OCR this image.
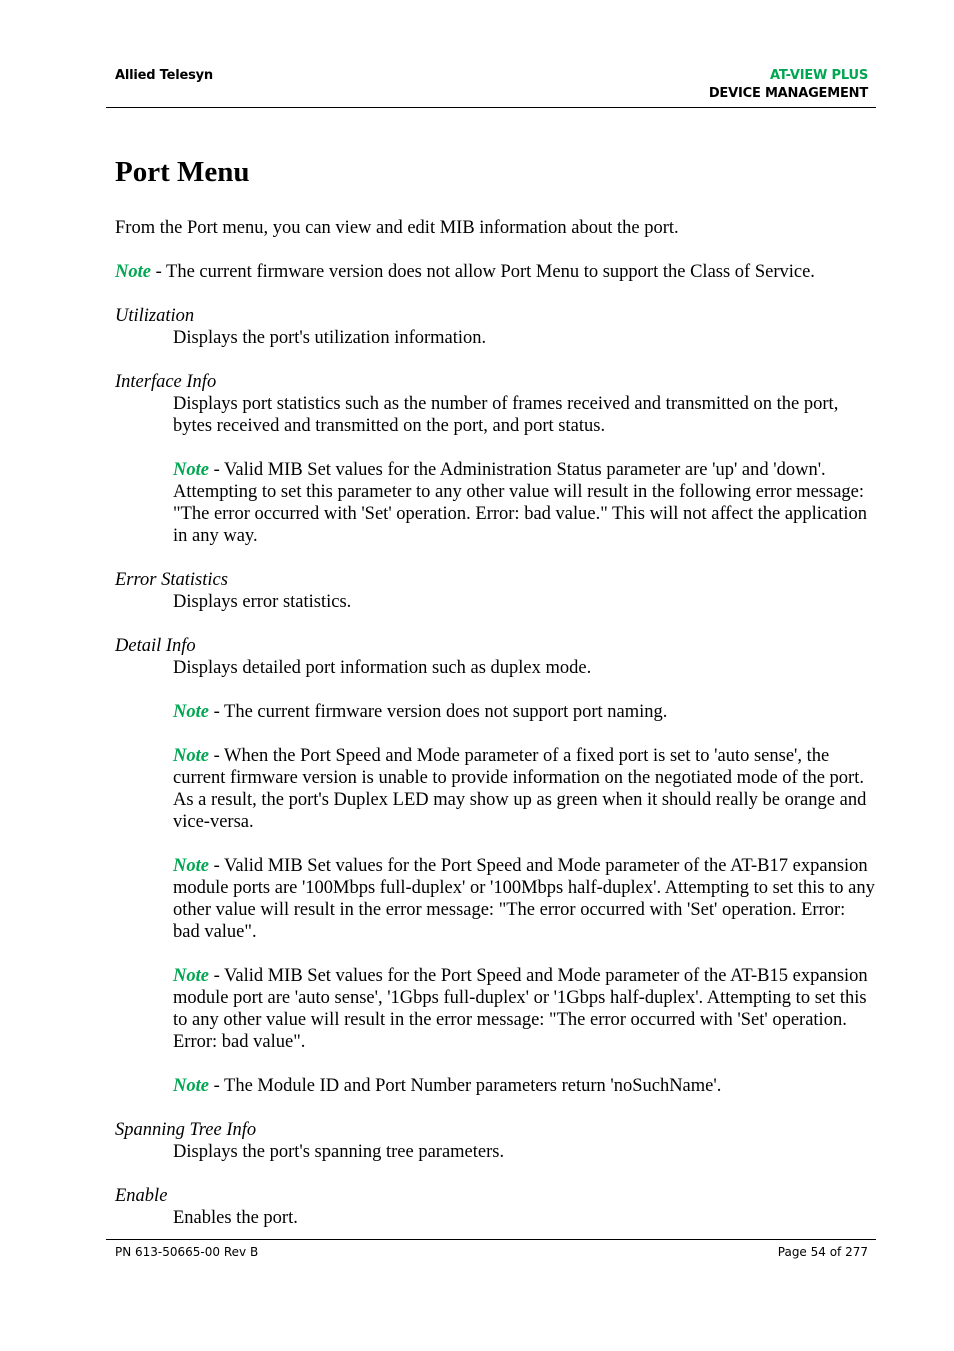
Allied Telesyn	AT-VIEW PLUS
DEVICE MANAGEMENT
Port Menu

From the Port menu, you can view and edit MIB information about the port.

Note - The current firmware version does not allow Port Menu to support the Class of Service.

Utilization

Displays the port's utilization information.

Interface Info

Displays port statistics such as the number of frames received and transmitted on the port, bytes received and transmitted on the port, and port status.

Note - Valid MIB Set values for the Administration Status parameter are 'up' and 'down'. Attempting to set this parameter to any other value will result in the following error message: "The error occurred with 'Set' operation. Error: bad value." This will not affect the application in any way.

Error Statistics

Displays error statistics.

Detail Info

Displays detailed port information such as duplex mode.

Note - The current firmware version does not support port naming.

Note - When the Port Speed and Mode parameter of a fixed port is set to 'auto sense', the current firmware version is unable to provide information on the negotiated mode of the port. As a result, the port's Duplex LED may show up as green when it should really be orange and vice-versa.

Note - Valid MIB Set values for the Port Speed and Mode parameter of the AT-B17 expansion module ports are '100Mbps full-duplex' or '100Mbps half-duplex'. Attempting to set this to any other value will result in the error message: "The error occurred with 'Set' operation. Error: bad value".

Note - Valid MIB Set values for the Port Speed and Mode parameter of the AT-B15 expansion module port are 'auto sense', '1Gbps full-duplex' or '1Gbps half-duplex'. Attempting to set this to any other value will result in the error message: "The error occurred with 'Set' operation. Error: bad value".

Note - The Module ID and Port Number parameters return 'noSuchName'.

Spanning Tree Info

Displays the port's spanning tree parameters.

Enable

Enables the port.

PN 613-50665-00 Rev B	Page 54 of 277
